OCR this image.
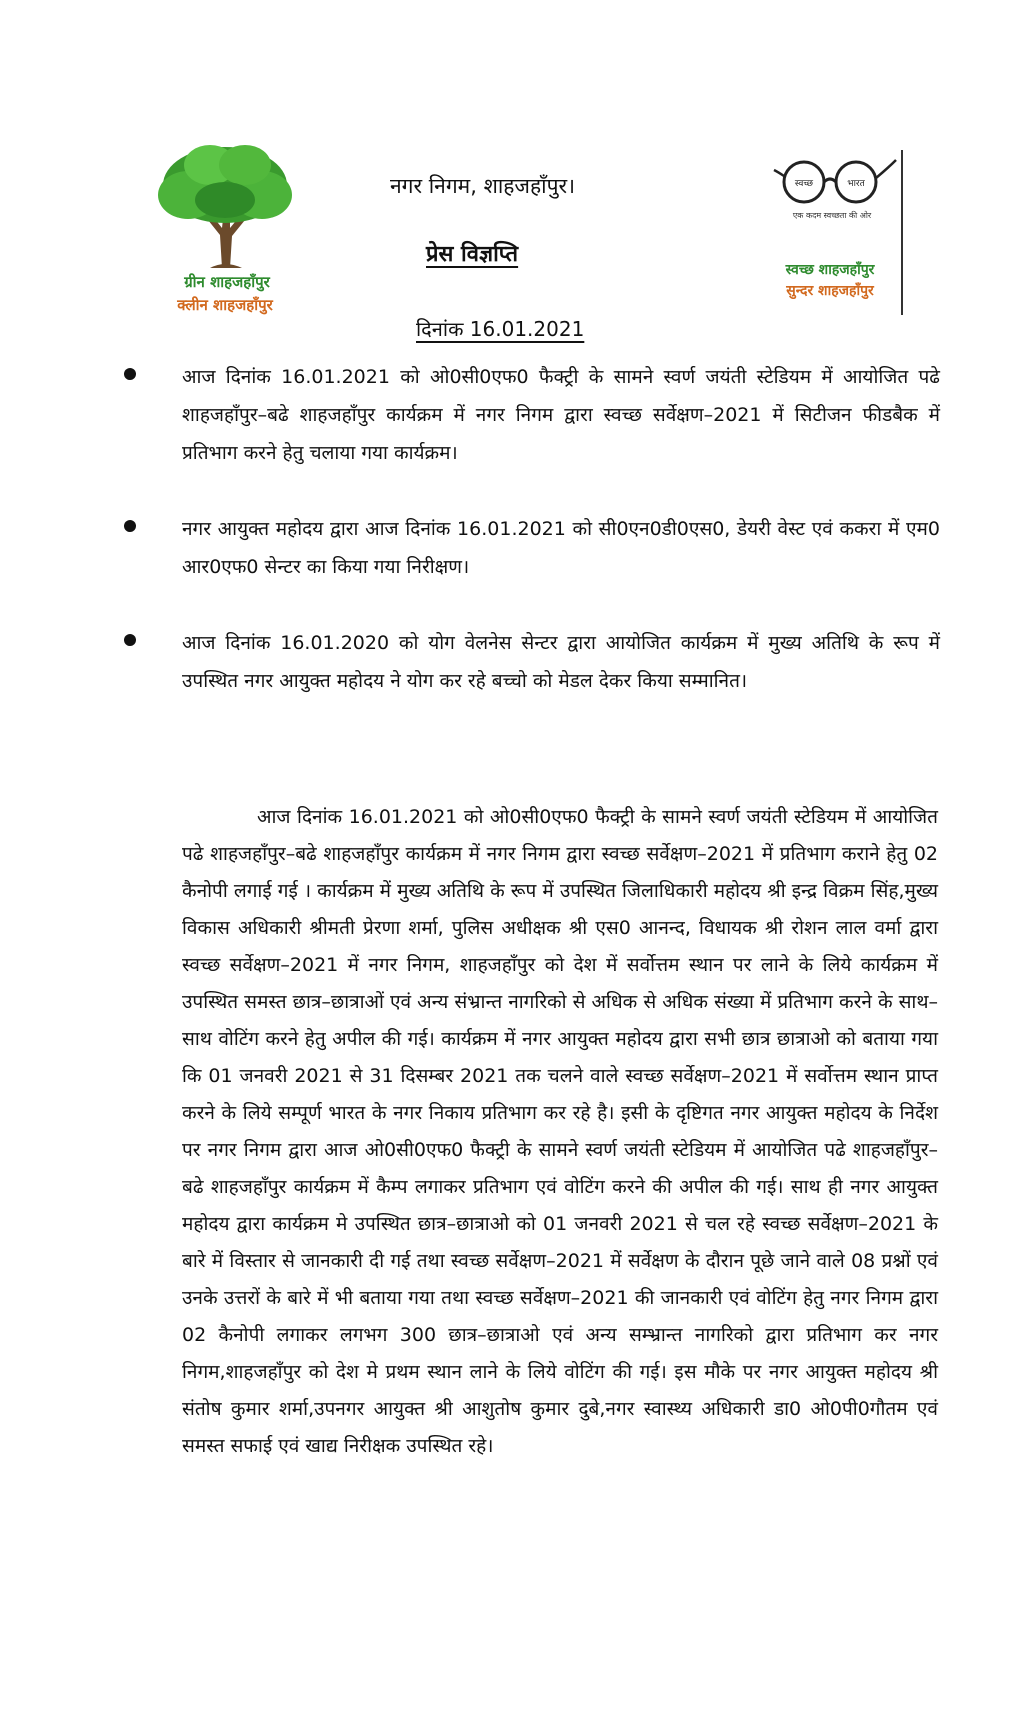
ग्रीन शाहजहाँपुर
क्लीन शाहजहाँपुर
नगर निगम, शाहजहाँपुर।
प्रेस विज्ञप्ति
दिनांक 16.01.2021
स्वच्छ	भारत
एक कदम स्वच्छता की ओर
स्वच्छ शाहजहाँपुर
सुन्दर शाहजहाँपुर
आज दिनांक 16.01.2021 को ओ0सी0एफ0 फैक्ट्री के सामने स्वर्ण जयंती स्टेडियम में आयोजित पढे शाहजहाँपुर–बढे शाहजहाँपुर कार्यक्रम में नगर निगम द्वारा स्वच्छ सर्वेक्षण–2021 में सिटीजन फीडबैक में प्रतिभाग करने हेतु चलाया गया कार्यक्रम।
नगर आयुक्त महोदय द्वारा आज दिनांक 16.01.2021 को सी0एन0डी0एस0, डेयरी वेस्ट एवं ककरा में एम0 आर0एफ0 सेन्टर का किया गया निरीक्षण।
आज दिनांक 16.01.2020 को योग वेलनेस सेन्टर द्वारा आयोजित कार्यक्रम में मुख्य अतिथि के रूप में उपस्थित नगर आयुक्त महोदय ने योग कर रहे बच्चो को मेडल देकर किया सम्मानित।
आज दिनांक 16.01.2021 को ओ0सी0एफ0 फैक्ट्री के सामने स्वर्ण जयंती स्टेडियम में आयोजित पढे शाहजहाँपुर–बढे शाहजहाँपुर कार्यक्रम में नगर निगम द्वारा स्वच्छ सर्वेक्षण–2021 में प्रतिभाग कराने हेतु 02 कैनोपी लगाई गई । कार्यक्रम में मुख्य अतिथि के रूप में उपस्थित जिलाधिकारी महोदय श्री इन्द्र विक्रम सिंह,मुख्य विकास अधिकारी श्रीमती प्रेरणा शर्मा, पुलिस अधीक्षक श्री एस0 आनन्द, विधायक श्री रोशन लाल वर्मा द्वारा स्वच्छ सर्वेक्षण–2021 में नगर निगम, शाहजहाँपुर को देश में सर्वोत्तम स्थान पर लाने के लिये कार्यक्रम में उपस्थित समस्त छात्र–छात्राओं एवं अन्य संभ्रान्त नागरिको से अधिक से अधिक संख्या में प्रतिभाग करने के साथ–साथ वोटिंग करने हेतु अपील की गई। कार्यक्रम में नगर आयुक्त महोदय द्वारा सभी छात्र छात्राओ को बताया गया कि 01 जनवरी 2021 से 31 दिसम्बर 2021 तक चलने वाले स्वच्छ सर्वेक्षण–2021 में सर्वोत्तम स्थान प्राप्त करने के लिये सम्पूर्ण भारत के नगर निकाय प्रतिभाग कर रहे है। इसी के दृष्टिगत नगर आयुक्त महोदय के निर्देश पर नगर निगम द्वारा आज ओ0सी0एफ0 फैक्ट्री के सामने स्वर्ण जयंती स्टेडियम में आयोजित पढे शाहजहाँपुर–बढे शाहजहाँपुर कार्यक्रम में कैम्प लगाकर प्रतिभाग एवं वोटिंग करने की अपील की गई। साथ ही नगर आयुक्त महोदय द्वारा कार्यक्रम मे उपस्थित छात्र–छात्राओ को 01 जनवरी 2021 से चल रहे स्वच्छ सर्वेक्षण–2021 के बारे में विस्तार से जानकारी दी गई तथा स्वच्छ सर्वेक्षण–2021 में सर्वेक्षण के दौरान पूछे जाने वाले 08 प्रश्नों एवं उनके उत्तरों के बारे में भी बताया गया तथा स्वच्छ सर्वेक्षण–2021 की जानकारी एवं वोटिंग हेतु नगर निगम द्वारा 02 कैनोपी लगाकर लगभग 300 छात्र–छात्राओ एवं अन्य सम्भ्रान्त नागरिको द्वारा प्रतिभाग कर नगर निगम,शाहजहाँपुर को देश मे प्रथम स्थान लाने के लिये वोटिंग की गई। इस मौके पर नगर आयुक्त महोदय श्री संतोष कुमार शर्मा,उपनगर आयुक्त श्री आशुतोष कुमार दुबे,नगर स्वास्थ्य अधिकारी डा0 ओ0पी0गौतम एवं समस्त सफाई एवं खाद्य निरीक्षक उपस्थित रहे।
